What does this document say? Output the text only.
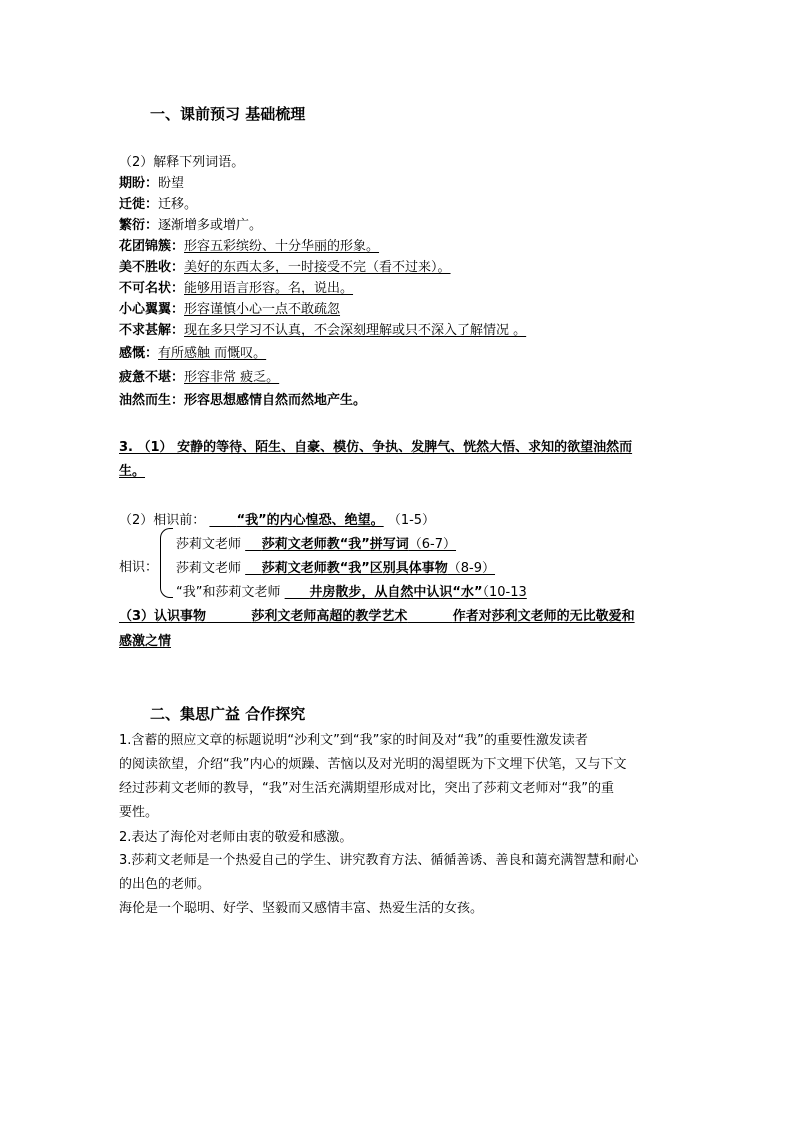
一、课前预习 基础梳理
（2）解释下列词语。
期盼：盼望
迁徙：迁移。
繁衍：逐渐增多或增广。
花团锦簇：形容五彩缤纷、十分华丽的形象。
美不胜收：美好的东西太多，一时接受不完（看不过来）。
不可名状：能够用语言形容。名，说出。
小心翼翼：形容谨慎小心一点不敢疏忽
不求甚解：现在多只学习不认真，不会深刻理解或只不深入了解情况 。
感慨：有所感触 而慨叹。
疲惫不堪：形容非常 疲乏。
油然而生：形容思想感情自然而然地产生。
3. （1） 安静的等待、陌生、自豪、模仿、争执、发脾气、恍然大悟、求知的欲望油然而
生。
（2）相识前： “我”的内心惶恐、绝望。 （1-5）
相识：
莎莉文老师 莎莉文老师教“我”拼写词（6-7）
莎莉文老师 莎莉文老师教“我”区别具体事物（8-9）
“我”和莎莉文老师 井房散步，从自然中认识“水”（10-13
（3）认识事物	莎利文老师高超的教学艺术	作者对莎利文老师的无比敬爱和
感激之情
二、集思广益 合作探究
1.含蓄的照应文章的标题说明“沙利文”到“我”家的时间及对“我”的重要性激发读者
的阅读欲望，介绍“我”内心的烦躁、苦恼以及对光明的渴望既为下文埋下伏笔，又与下文
经过莎莉文老师的教导，“我”对生活充满期望形成对比，突出了莎莉文老师对“我”的重
要性。
2.表达了海伦对老师由衷的敬爱和感激。
3.莎莉文老师是一个热爱自己的学生、讲究教育方法、循循善诱、善良和蔼充满智慧和耐心
的出色的老师。
海伦是一个聪明、好学、坚毅而又感情丰富、热爱生活的女孩。
